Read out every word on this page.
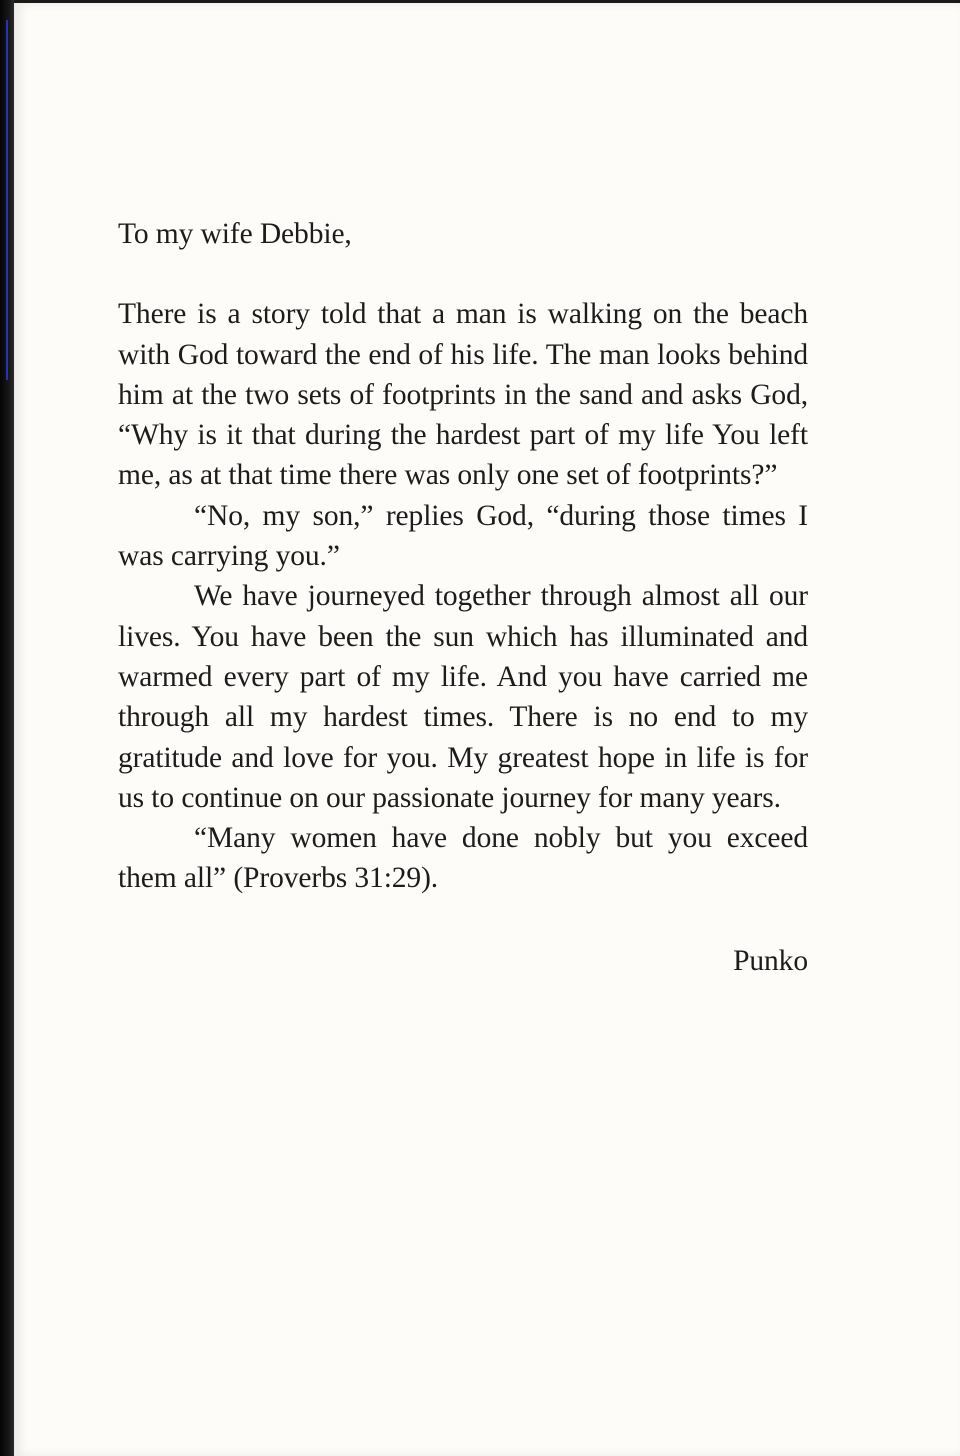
To my wife Debbie,

There is a story told that a man is walking on the beach with God toward the end of his life. The man looks behind him at the two sets of footprints in the sand and asks God, “Why is it that during the hardest part of my life You left me, as at that time there was only one set of footprints?”

“No, my son,” replies God, “during those times I was carrying you.”

We have journeyed together through almost all our lives. You have been the sun which has illuminated and warmed every part of my life. And you have carried me through all my hardest times. There is no end to my gratitude and love for you. My greatest hope in life is for us to continue on our passionate journey for many years.

“Many women have done nobly but you exceed them all” (Proverbs 31:29).

Punko
